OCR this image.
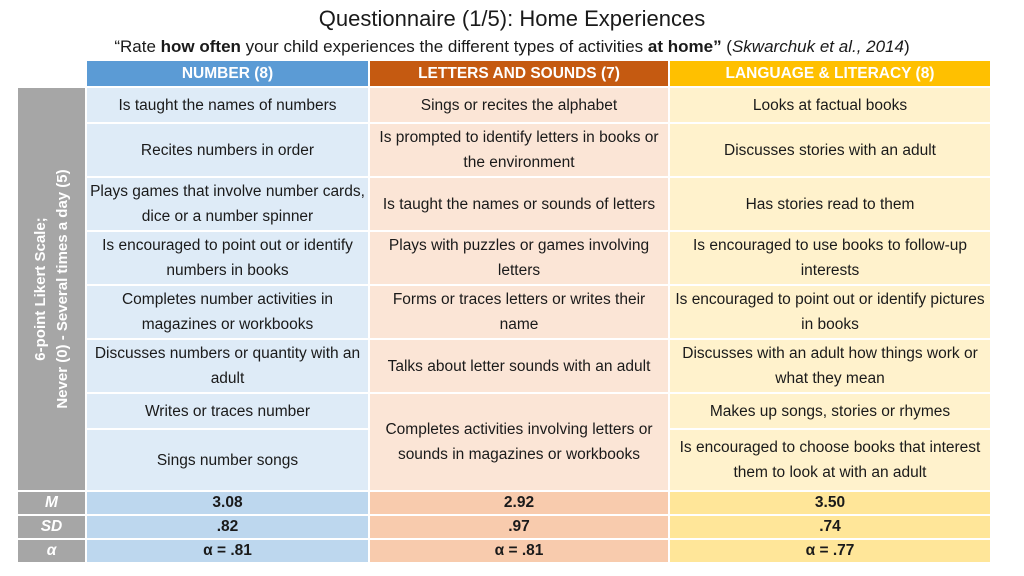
Questionnaire (1/5): Home Experiences
“Rate how often your child experiences the different types of activities at home” (Skwarchuk et al., 2014)
	NUMBER (8)	LETTERS AND SOUNDS (7)	LANGUAGE & LITERACY (8)

6-point Likert Scale; Never (0) - Several times a day (5)	Is taught the names of numbers	Sings or recites the alphabet	Looks at factual books
	Recites numbers in order	Is prompted to identify letters in books or the environment	Discusses stories with an adult
	Plays games that involve number cards, dice or a number spinner	Is taught the names or sounds of letters	Has stories read to them
	Is encouraged to point out or identify numbers in books	Plays with puzzles or games involving letters	Is encouraged to use books to follow-up interests
	Completes number activities in magazines or workbooks	Forms or traces letters or writes their name	Is encouraged to point out or identify pictures in books
	Discusses numbers or quantity with an adult	Talks about letter sounds with an adult	Discusses with an adult how things work or what they mean
	Writes or traces number	Completes activities involving letters or sounds in magazines or workbooks	Makes up songs, stories or rhymes
	Sings number songs		Is encouraged to choose books that interest them to look at with an adult
M	3.08	2.92	3.50
SD	.82	.97	.74
α	α = .81	α = .81	α = .77
